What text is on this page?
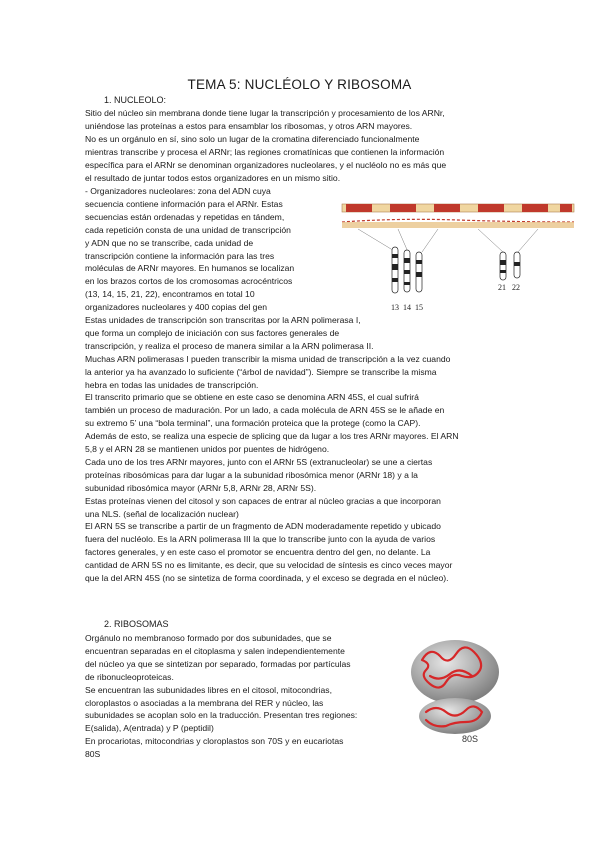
TEMA 5: NUCLÉOLO Y RIBOSOMA
1. NUCLEOLO:
Sitio del núcleo sin membrana donde tiene lugar la transcripción y procesamiento de los ARNr,
uniéndose las proteínas a estos para ensamblar los ribosomas, y otros ARN mayores.
No es un orgánulo en sí, sino solo un lugar de la cromatina diferenciado funcionalmente
mientras transcribe y procesa el ARNr; las regiones cromatínicas que contienen la información
específica para el ARNr se denominan organizadores nucleolares, y el nucléolo no es más que
el resultado de juntar todos estos organizadores en un mismo sitio.
- Organizadores nucleolares: zona del ADN cuya
secuencia contiene información para el ARNr. Estas
secuencias están ordenadas y repetidas en tándem,
cada repetición consta de una unidad de transcripción
y ADN que no se transcribe, cada unidad de
transcripción contiene la información para las tres
moléculas de ARNr mayores. En humanos se localizan
en los brazos cortos de los cromosomas acrocéntricos
(13, 14, 15, 21, 22), encontramos en total 10
organizadores nucleolares y 400 copias del gen
Estas unidades de transcripción son transcritas por la ARN polimerasa I,
que forma un complejo de iniciación con sus factores generales de
transcripción, y realiza el proceso de manera similar a la ARN polimerasa II.
Muchas ARN polimerasas I pueden transcribir la misma unidad de transcripción a la vez cuando
la anterior ya ha avanzado lo suficiente (“árbol de navidad”). Siempre se transcribe la misma
hebra en todas las unidades de transcripción.
El transcrito primario que se obtiene en este caso se denomina ARN 45S, el cual sufrirá
también un proceso de maduración. Por un lado, a cada molécula de ARN 45S se le añade en
su extremo 5’ una “bola terminal”, una formación proteica que la protege (como la CAP).
Además de esto, se realiza una especie de splicing que da lugar a los tres ARNr mayores. El ARN
5,8 y el ARN 28 se mantienen unidos por puentes de hidrógeno.
Cada uno de los tres ARNr mayores, junto con el ARNr 5S (extranucleolar) se une a ciertas
proteínas ribosómicas para dar lugar a la subunidad ribosómica menor (ARNr 18) y a la
subunidad ribosómica mayor (ARNr 5,8, ARNr 28, ARNr 5S).
Estas proteínas vienen del citosol y son capaces de entrar al núcleo gracias a que incorporan
una NLS. (señal de localización nuclear)
El ARN 5S se transcribe a partir de un fragmento de ADN moderadamente repetido y ubicado
fuera del nucléolo. Es la ARN polimerasa III la que lo transcribe junto con la ayuda de varios
factores generales, y en este caso el promotor se encuentra dentro del gen, no delante. La
cantidad de ARN 5S no es limitante, es decir, que su velocidad de síntesis es cinco veces mayor
que la del ARN 45S (no se sintetiza de forma coordinada, y el exceso se degrada en el núcleo).
13 14 15
21 22
2. RIBOSOMAS
Orgánulo no membranoso formado por dos subunidades, que se
encuentran separadas en el citoplasma y salen independientemente
del núcleo ya que se sintetizan por separado, formadas por partículas
de ribonucleoproteicas.
Se encuentran las subunidades libres en el citosol, mitocondrias,
cloroplastos o asociadas a la membrana del RER y núcleo, las
subunidades se acoplan solo en la traducción. Presentan tres regiones:
E(salida), A(entrada) y P (peptidil)
En procariotas, mitocondrias y cloroplastos son 70S y en eucariotas
80S
80S
